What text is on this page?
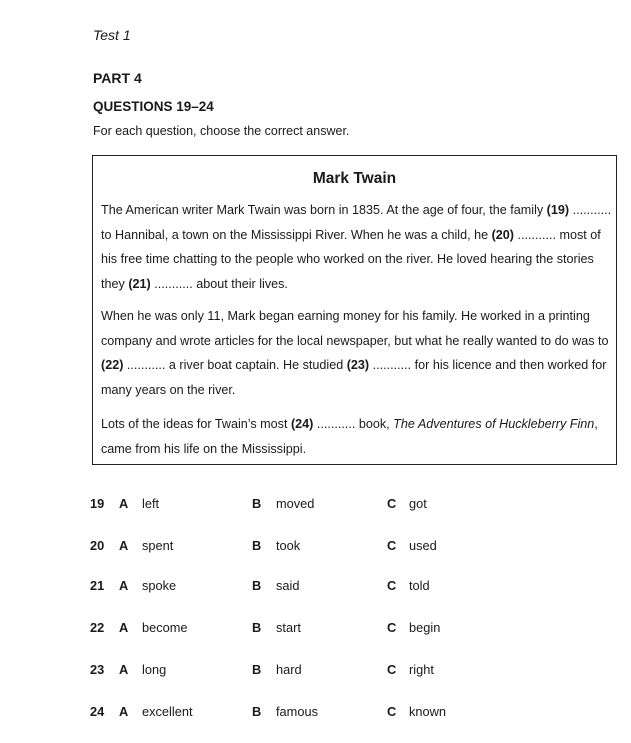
Test 1
PART 4
QUESTIONS 19–24
For each question, choose the correct answer.
Mark Twain

The American writer Mark Twain was born in 1835. At the age of four, the family (19) ........... to Hannibal, a town on the Mississippi River. When he was a child, he (20) ........... most of his free time chatting to the people who worked on the river. He loved hearing the stories they (21) ........... about their lives.

When he was only 11, Mark began earning money for his family. He worked in a printing company and wrote articles for the local newspaper, but what he really wanted to do was to (22) ........... a river boat captain. He studied (23) ........... for his licence and then worked for many years on the river.

Lots of the ideas for Twain’s most (24) ........... book, The Adventures of Huckleberry Finn, came from his life on the Mississippi.

19 A left	B moved	C got
20 A spent	B took	C used
21 A spoke	B said	C told
22 A become	B start	C begin
23 A long	B hard	C right
24 A excellent	B famous	C known
